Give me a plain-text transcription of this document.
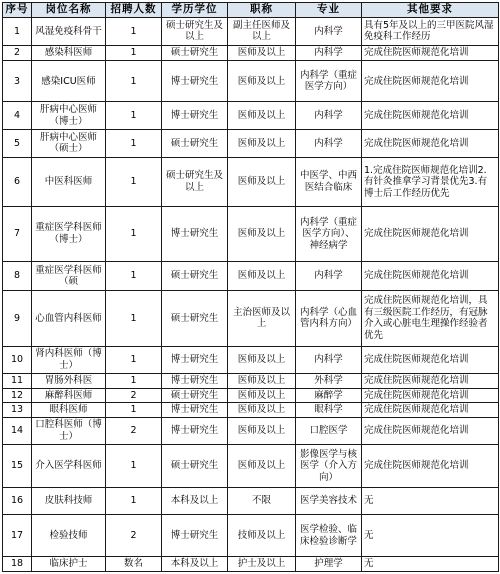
序号	岗位名称	招聘人数	学历学位	职称	专业	其他要求
1	风湿免疫科骨干	1	硕士研究生及以上	副主任医师及以上	内科学	具有5年及以上的三甲医院风湿免疫科工作经历
2	感染科医师	1	硕士研究生	医师及以上	内科学	完成住院医师规范化培训
3	感染ICU医师	1	博士研究生	医师及以上	内科学（重症医学方向）	完成住院医师规范化培训
4	肝病中心医师（博士）	1	博士研究生	医师及以上	内科学	完成住院医师规范化培训
5	肝病中心医师（硕士）	1	硕士研究生	医师及以上	内科学	完成住院医师规范化培训
6	中医科医师	1	硕士研究生及以上	医师及以上	中医学、中西医结合临床	1.完成住院医师规范化培训2.有针灸推拿学习背景优先3.有博士后工作经历优先
7	重症医学科医师（博士）	1	博士研究生	医师及以上	内科学（重症医学方向）、神经病学	完成住院医师规范化培训
8	重症医学科医师（硕	1	硕士研究生	医师及以上	内科学	完成住院医师规范化培训
9	心血管内科医师	1	硕士研究生	主治医师及以上	内科学（心血管内科方向）	完成住院医师规范化培训，具有三级医院工作经历，有冠脉介入或心脏电生理操作经验者优先
10	肾内科医师（博士）	1	博士研究生	医师及以上	内科学	完成住院医师规范化培训
11	胃肠外科医	1	博士研究生	医师及以上	外科学	完成住院医师规范化培训
12	麻醉科医师	2	硕士研究生	医师及以上	麻醉学	完成住院医师规范化培训
13	眼科医师	1	博士研究生	医师及以上	眼科学	完成住院医师规范化培训
14	口腔科医师（博士）	2	博士研究生	医师及以上	口腔医学	完成住院医师规范化培训
15	介入医学科医师	1	硕士研究生	医师及以上	影像医学与核医学（介入方向）	完成住院医师规范化培训
16	皮肤科技师	1	本科及以上	不限	医学美容技术	无
17	检验技师	2	博士研究生	技师及以上	医学检验、临床检验诊断学	无
18	临床护士	数名	本科及以上	护士及以上	护理学	无
